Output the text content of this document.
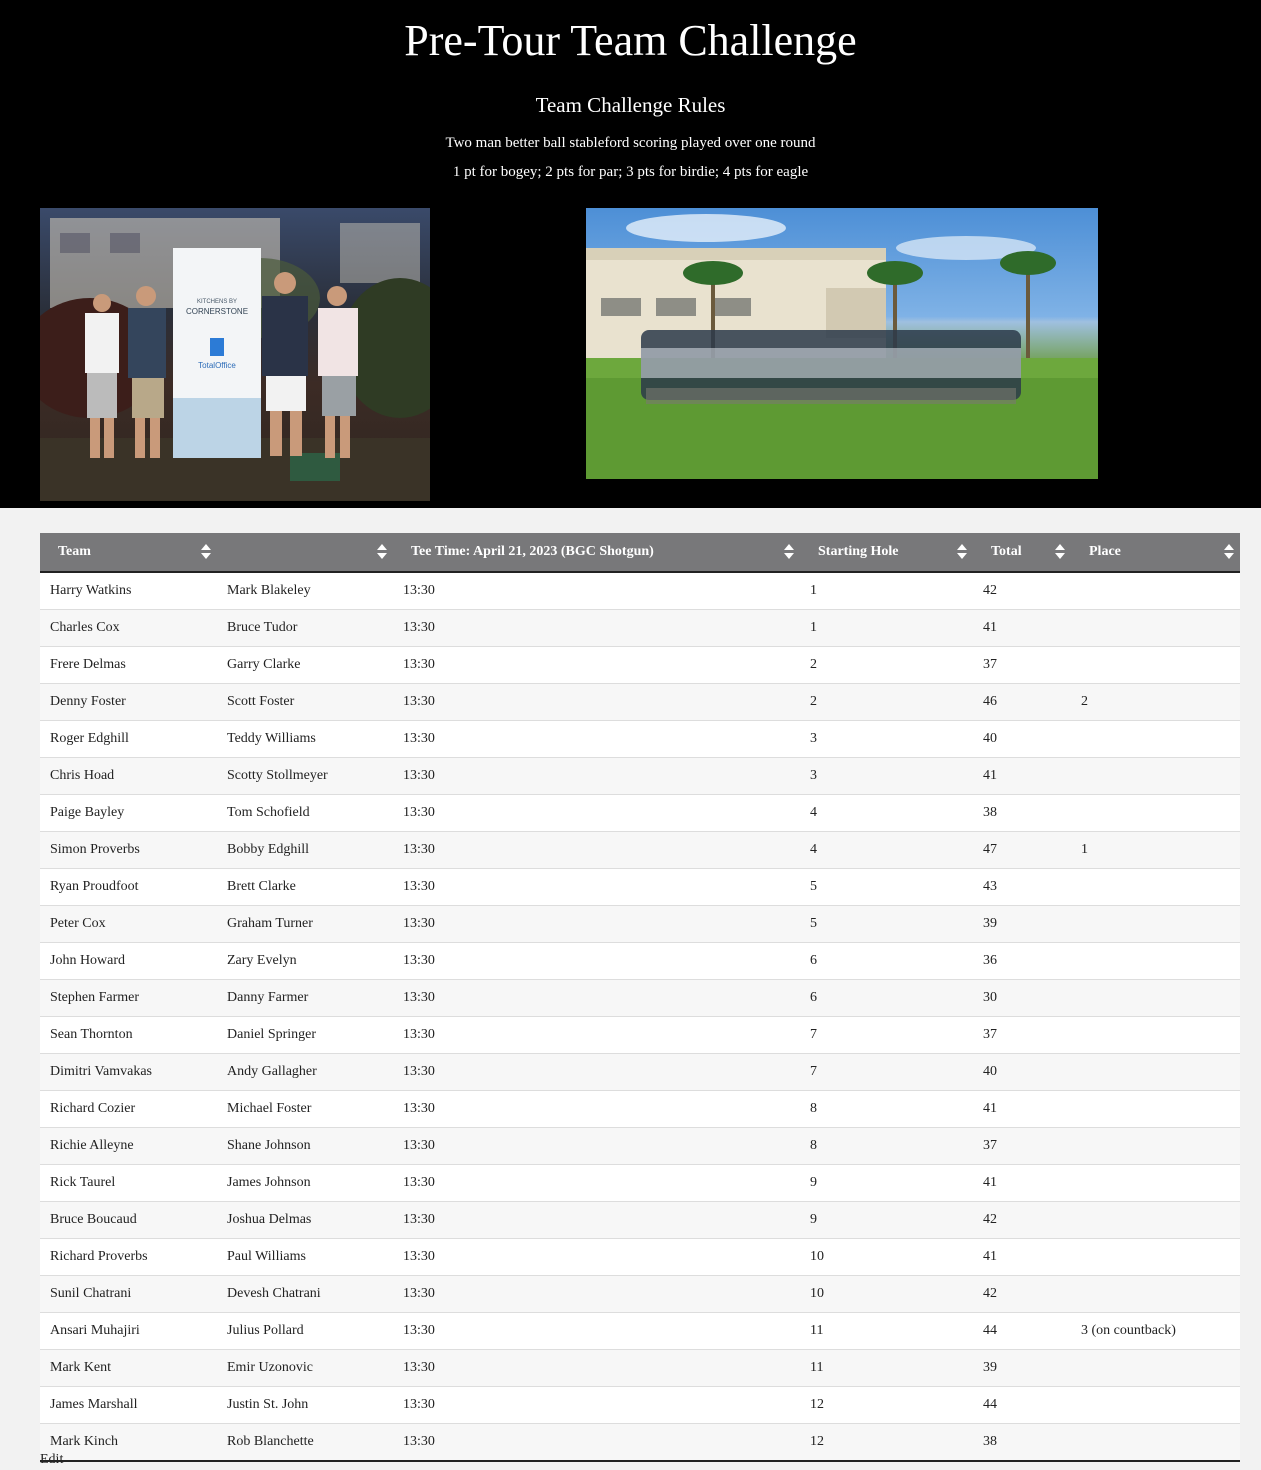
Pre-Tour Team Challenge
Team Challenge Rules

Two man better ball stableford scoring played over one round

1 pt for bogey; 2 pts for par; 3 pts for birdie; 4 pts for eagle

KITCHENS BY
CORNERSTONE
TotalOffice
Team		Tee Time: April 21, 2023 (BGC Shotgun)	Starting Hole	Total	Place

Harry Watkins	Mark Blakeley	13:30	1	42	
Charles Cox	Bruce Tudor	13:30	1	41	
Frere Delmas	Garry Clarke	13:30	2	37	
Denny Foster	Scott Foster	13:30	2	46	2
Roger Edghill	Teddy Williams	13:30	3	40	
Chris Hoad	Scotty Stollmeyer	13:30	3	41	
Paige Bayley	Tom Schofield	13:30	4	38	
Simon Proverbs	Bobby Edghill	13:30	4	47	1
Ryan Proudfoot	Brett Clarke	13:30	5	43	
Peter Cox	Graham Turner	13:30	5	39	
John Howard	Zary Evelyn	13:30	6	36	
Stephen Farmer	Danny Farmer	13:30	6	30	
Sean Thornton	Daniel Springer	13:30	7	37	
Dimitri Vamvakas	Andy Gallagher	13:30	7	40	
Richard Cozier	Michael Foster	13:30	8	41	
Richie Alleyne	Shane Johnson	13:30	8	37	
Rick Taurel	James Johnson	13:30	9	41	
Bruce Boucaud	Joshua Delmas	13:30	9	42	
Richard Proverbs	Paul Williams	13:30	10	41	
Sunil Chatrani	Devesh Chatrani	13:30	10	42	
Ansari Muhajiri	Julius Pollard	13:30	11	44	3 (on countback)
Mark Kent	Emir Uzonovic	13:30	11	39	
James Marshall	Justin St. John	13:30	12	44	
Mark Kinch	Rob Blanchette	13:30	12	38	
Edit
